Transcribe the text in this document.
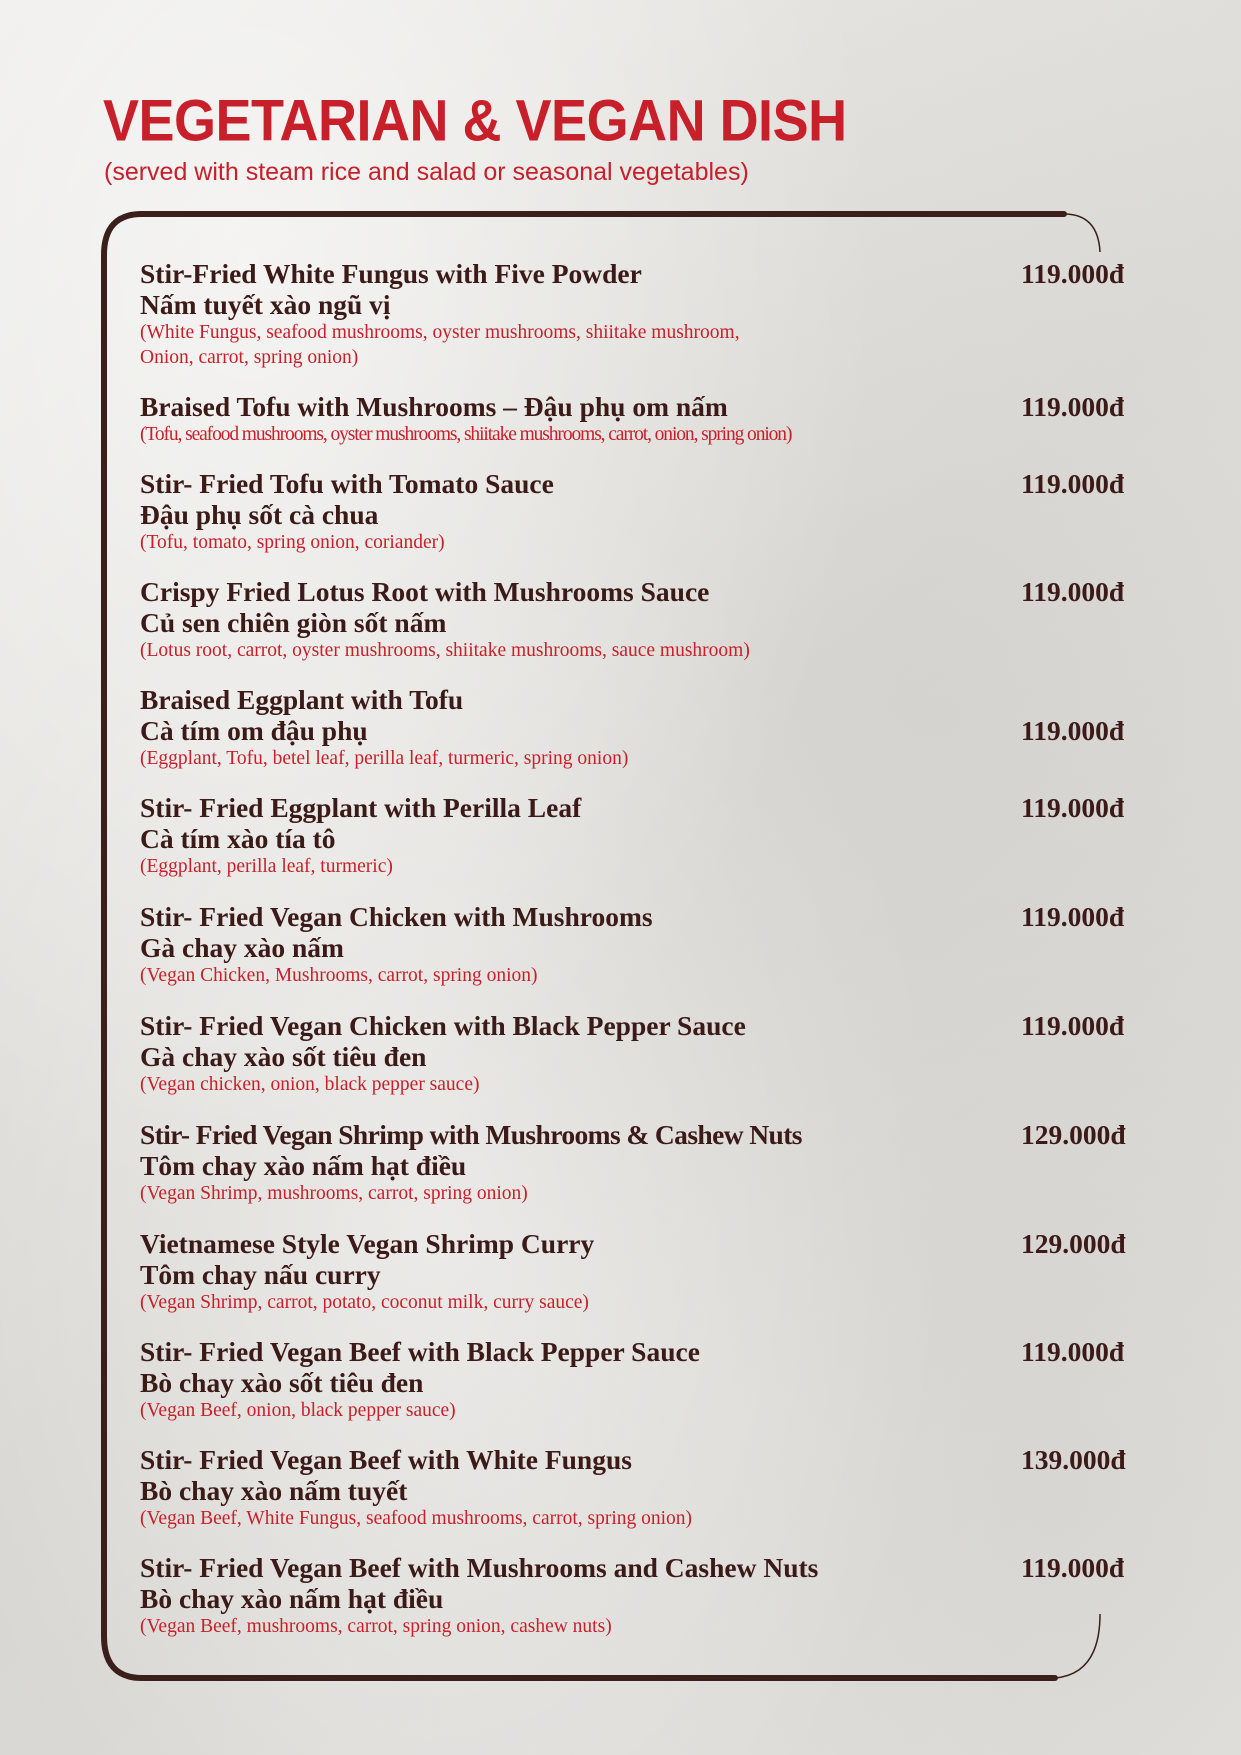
VEGETARIAN & VEGAN DISH

(served with steam rice and salad or seasonal vegetables)

Stir-Fried White Fungus with Five Powder
Nấm tuyết xào ngũ vị
(White Fungus, seafood mushrooms, oyster mushrooms, shiitake mushroom,
Onion, carrot, spring onion)
119.000đ
Braised Tofu with Mushrooms – Đậu phụ om nấm
(Tofu, seafood mushrooms, oyster mushrooms, shiitake mushrooms, carrot, onion, spring onion)
119.000đ
Stir- Fried Tofu with Tomato Sauce
Đậu phụ sốt cà chua
(Tofu, tomato, spring onion, coriander)
119.000đ
Crispy Fried Lotus Root with Mushrooms Sauce
Củ sen chiên giòn sốt nấm
(Lotus root, carrot, oyster mushrooms, shiitake mushrooms, sauce mushroom)
119.000đ
Braised Eggplant with Tofu
Cà tím om đậu phụ
(Eggplant, Tofu, betel leaf, perilla leaf, turmeric, spring onion)
119.000đ
Stir- Fried Eggplant with Perilla Leaf
Cà tím xào tía tô
(Eggplant, perilla leaf, turmeric)
119.000đ
Stir- Fried Vegan Chicken with Mushrooms
Gà chay xào nấm
(Vegan Chicken, Mushrooms, carrot, spring onion)
119.000đ
Stir- Fried Vegan Chicken with Black Pepper Sauce
Gà chay xào sốt tiêu đen
(Vegan chicken, onion, black pepper sauce)
119.000đ
Stir- Fried Vegan Shrimp with Mushrooms & Cashew Nuts
Tôm chay xào nấm hạt điều
(Vegan Shrimp, mushrooms, carrot, spring onion)
129.000đ
Vietnamese Style Vegan Shrimp Curry
Tôm chay nấu curry
(Vegan Shrimp, carrot, potato, coconut milk, curry sauce)
129.000đ
Stir- Fried Vegan Beef with Black Pepper Sauce
Bò chay xào sốt tiêu đen
(Vegan Beef, onion, black pepper sauce)
119.000đ
Stir- Fried Vegan Beef with White Fungus
Bò chay xào nấm tuyết
(Vegan Beef, White Fungus, seafood mushrooms, carrot, spring onion)
139.000đ
Stir- Fried Vegan Beef with Mushrooms and Cashew Nuts
Bò chay xào nấm hạt điều
(Vegan Beef, mushrooms, carrot, spring onion, cashew nuts)
119.000đ
